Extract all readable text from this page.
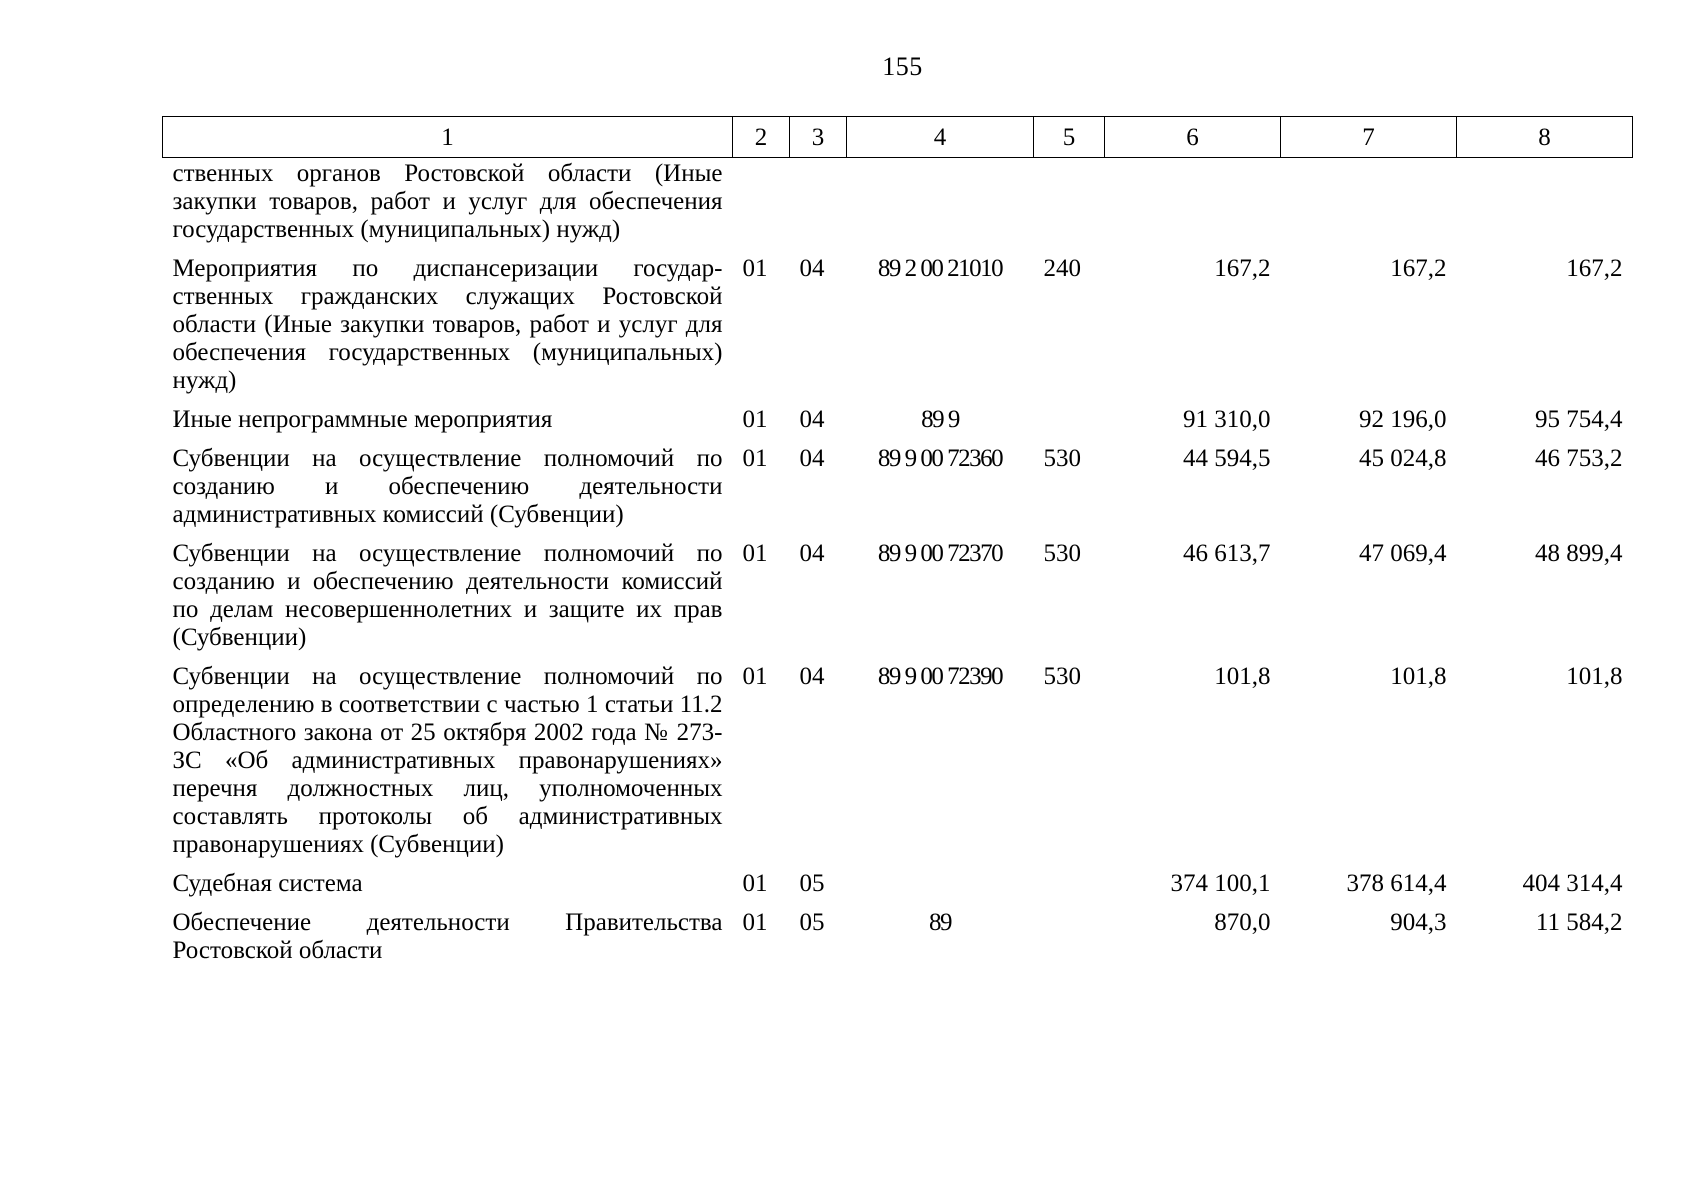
155
1	2	3	4	5	6	7	8
ственных органов Ростовской области (Иные закупки товаров, работ и услуг для обеспечения государственных (муниципальных) нужд)							
Мероприятия по диспансеризации государственных гражданских служащих Ростовской области (Иные закупки товаров, работ и услуг для обеспечения государственных (муниципальных) нужд)	01	04	89 2 00 21010	240	167,2	167,2	167,2
Иные непрограммные мероприятия	01	04	89 9		91 310,0	92 196,0	95 754,4
Субвенции на осуществление полномочий по созданию и обеспечению деятельности административных комиссий (Субвенции)	01	04	89 9 00 72360	530	44 594,5	45 024,8	46 753,2
Субвенции на осуществление полномочий по созданию и обеспечению деятельности комиссий по делам несовершеннолетних и защите их прав (Субвенции)	01	04	89 9 00 72370	530	46 613,7	47 069,4	48 899,4
Субвенции на осуществление полномочий по определению в соответствии с частью 1 статьи 11.2 Областного закона от 25 октября 2002 года № 273-ЗС «Об административных правонарушениях» перечня должностных лиц, уполномоченных составлять протоколы об административных правонарушениях (Субвенции)	01	04	89 9 00 72390	530	101,8	101,8	101,8
Судебная система	01	05			374 100,1	378 614,4	404 314,4
Обеспечение деятельности Правительства Ростовской области	01	05	89		870,0	904,3	11 584,2
